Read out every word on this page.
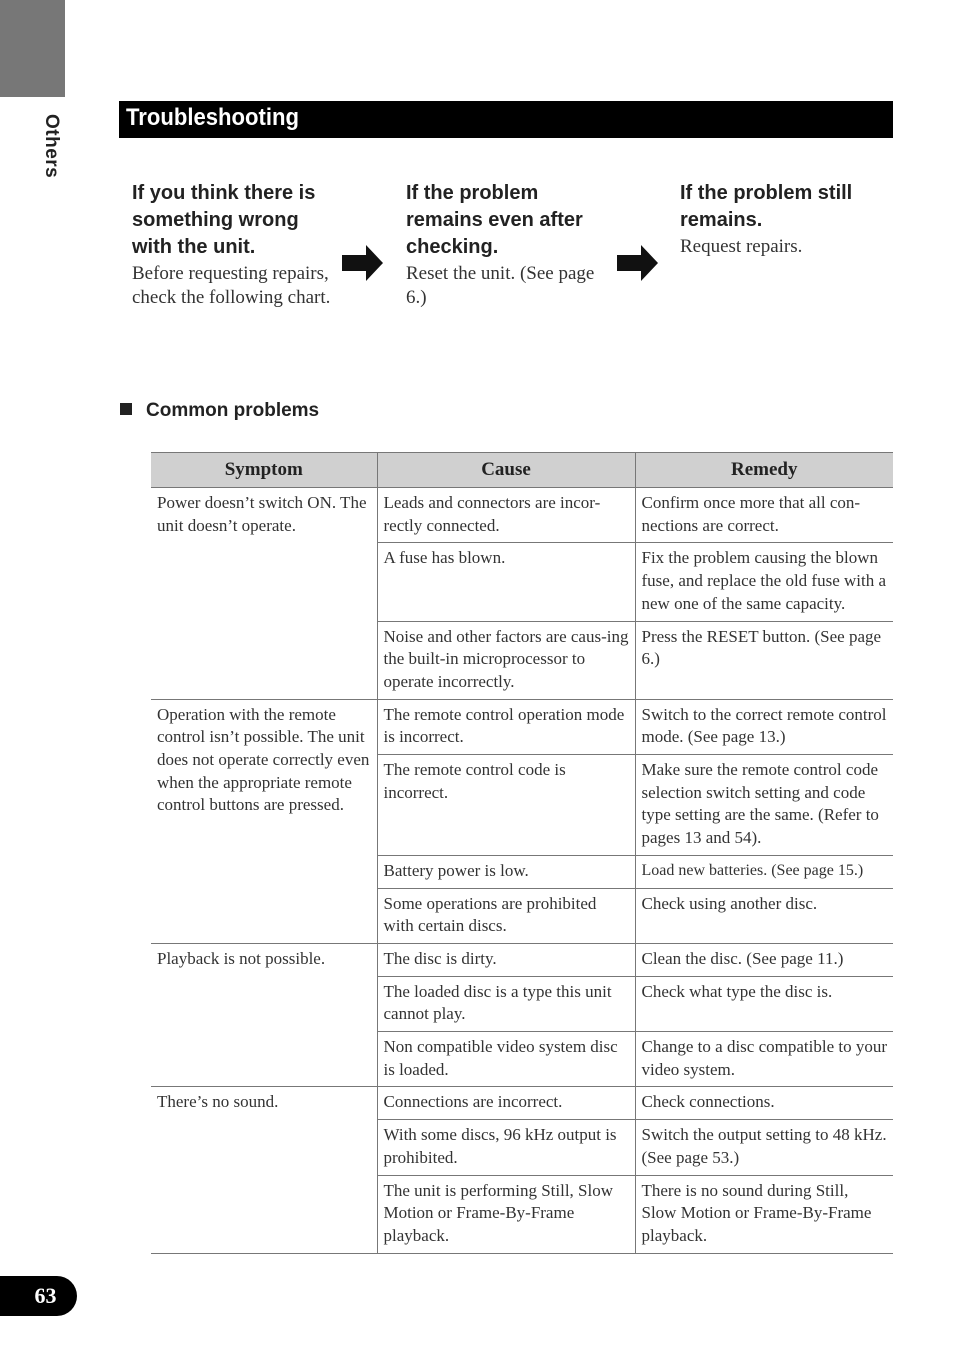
Others	Troubleshooting
If you think there is something wrong with the unit.
Before requesting repairs, check the following chart.
If the problem remains even after checking.
Reset the unit. (See page 6.)
If the problem still remains.
Request repairs.
Common problems
Symptom	Cause	Remedy
Power doesn’t switch ON. The unit doesn’t operate.	Leads and connectors are incor-rectly connected.	Confirm once more that all con-nections are correct.
	A fuse has blown.	Fix the problem causing the blown fuse, and replace the old fuse with a new one of the same capacity.
	Noise and other factors are caus-ing the built-in microprocessor to operate incorrectly.	Press the RESET button. (See page 6.)
Operation with the remote control isn’t possible. The unit does not operate correctly even when the appropriate remote control buttons are pressed.	The remote control operation mode is incorrect.	Switch to the correct remote control mode. (See page 13.)
	The remote control code is incorrect.	Make sure the remote control code selection switch setting and code type setting are the same. (Refer to pages 13 and 54).
	Battery power is low.	Load new batteries. (See page 15.)
	Some operations are prohibited with certain discs.	Check using another disc.
Playback is not possible.	The disc is dirty.	Clean the disc. (See page 11.)
	The loaded disc is a type this unit cannot play.	Check what type the disc is.
	Non compatible video system disc is loaded.	Change to a disc compatible to your video system.
There’s no sound.	Connections are incorrect.	Check connections.
	With some discs, 96 kHz output is prohibited.	Switch the output setting to 48 kHz. (See page 53.)
	The unit is performing Still, Slow Motion or Frame-By-Frame playback.	There is no sound during Still, Slow Motion or Frame-By-Frame playback.
63
